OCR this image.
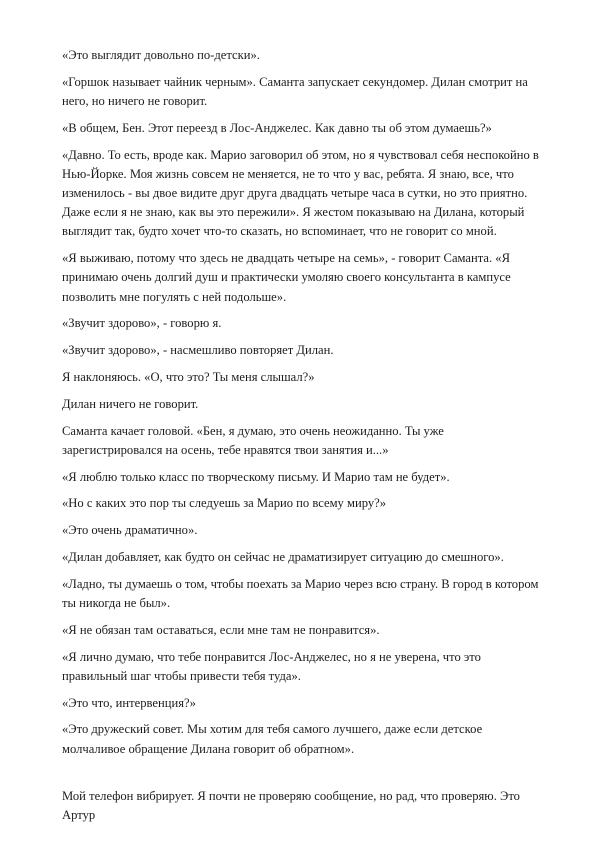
«Это выглядит довольно по-детски».

«Горшок называет чайник черным». Саманта запускает секундомер. Дилан смотрит на него, но ничего не говорит.

«В общем, Бен. Этот переезд в Лос-Анджелес. Как давно ты об этом думаешь?»

«Давно. То есть, вроде как. Марио заговорил об этом, но я чувствовал себя неспокойно в Нью-Йорке. Моя жизнь совсем не меняется, не то что у вас, ребята. Я знаю, все, что изменилось - вы двое видите друг друга двадцать четыре часа в сутки, но это приятно. Даже если я не знаю, как вы это пережили». Я жестом показываю на Дилана, который выглядит так, будто хочет что-то сказать, но вспоминает, что не говорит со мной.

«Я выживаю, потому что здесь не двадцать четыре на семь», - говорит Саманта. «Я принимаю очень долгий душ и практически умоляю своего консультанта в кампусе позволить мне погулять с ней подольше».

«Звучит здорово», - говорю я.

«Звучит здорово», - насмешливо повторяет Дилан.

Я наклоняюсь. «О, что это? Ты меня слышал?»

Дилан ничего не говорит.

Саманта качает головой. «Бен, я думаю, это очень неожиданно. Ты уже зарегистрировался на осень, тебе нравятся твои занятия и...»

«Я люблю только класс по творческому письму. И Марио там не будет».

«Но с каких это пор ты следуешь за Марио по всему миру?»

«Это очень драматично».

«Дилан добавляет, как будто он сейчас не драматизирует ситуацию до смешного».

«Ладно, ты думаешь о том, чтобы поехать за Марио через всю страну. В город в котором ты никогда не был».

«Я не обязан там оставаться, если мне там не понравится».

«Я лично думаю, что тебе понравится Лос-Анджелес, но я не уверена, что это правильный шаг чтобы привести тебя туда».

«Это что, интервенция?»

«Это дружеский совет. Мы хотим для тебя самого лучшего, даже если детское молчаливое обращение Дилана говорит об обратном».

Мой телефон вибрирует. Я почти не проверяю сообщение, но рад, что проверяю. Это Артур
